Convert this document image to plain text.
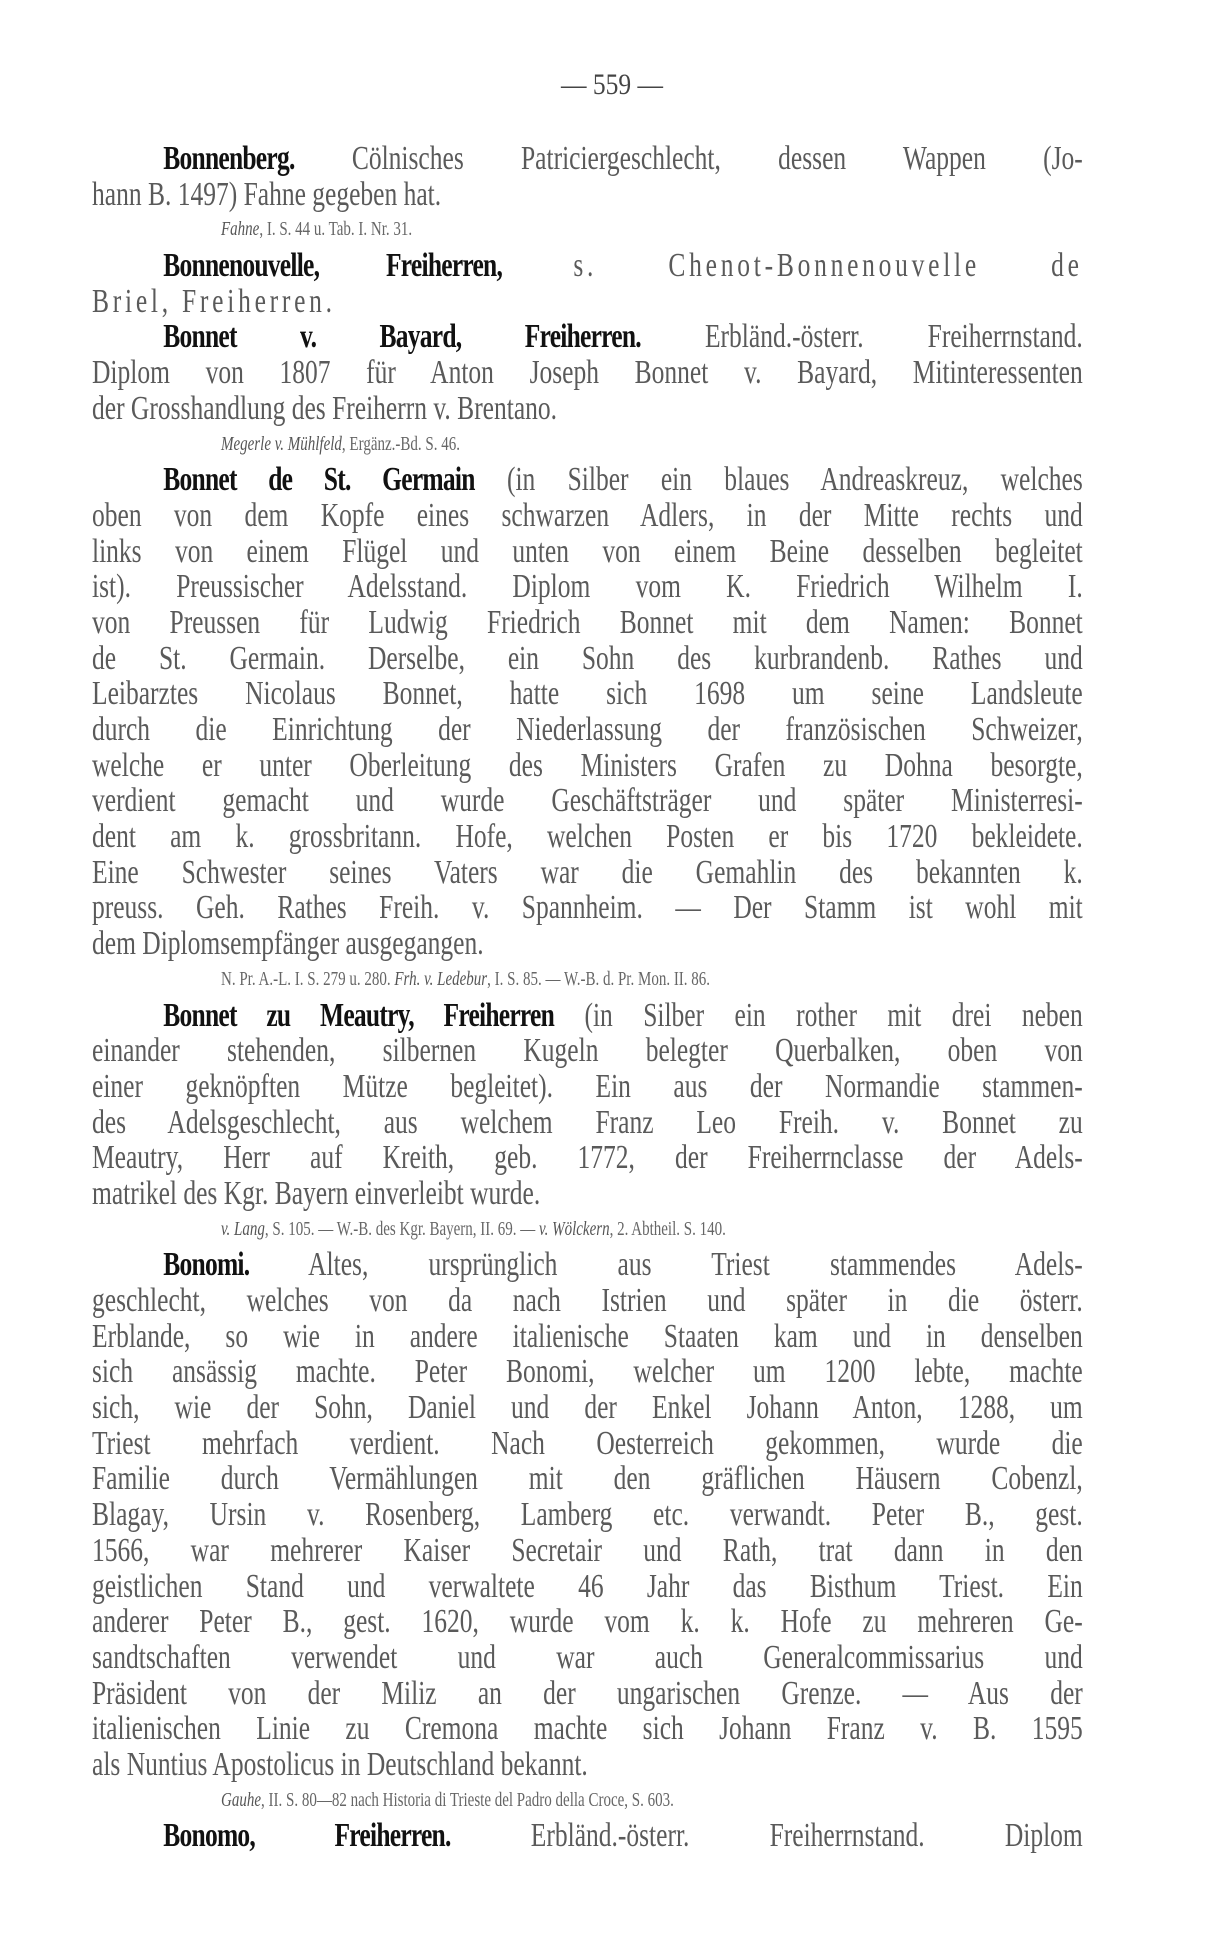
— 559 —
Bonnenberg. Cölnisches Patriciergeschlecht, dessen Wappen (Jo-
hann B. 1497) Fahne gegeben hat.
Fahne, I. S. 44 u. Tab. I. Nr. 31.
Bonnenouvelle, Freiherren, s. Chenot-Bonnenouvelle de
Briel, Freiherren.
Bonnet v. Bayard, Freiherren. Erbländ.-österr. Freiherrnstand.
Diplom von 1807 für Anton Joseph Bonnet v. Bayard, Mitinteressenten
der Grosshandlung des Freiherrn v. Brentano.
Megerle v. Mühlfeld, Ergänz.-Bd. S. 46.
Bonnet de St. Germain (in Silber ein blaues Andreaskreuz, welches
oben von dem Kopfe eines schwarzen Adlers, in der Mitte rechts und
links von einem Flügel und unten von einem Beine desselben begleitet
ist). Preussischer Adelsstand. Diplom vom K. Friedrich Wilhelm I.
von Preussen für Ludwig Friedrich Bonnet mit dem Namen: Bonnet
de St. Germain. Derselbe, ein Sohn des kurbrandenb. Rathes und
Leibarztes Nicolaus Bonnet, hatte sich 1698 um seine Landsleute
durch die Einrichtung der Niederlassung der französischen Schweizer,
welche er unter Oberleitung des Ministers Grafen zu Dohna besorgte,
verdient gemacht und wurde Geschäftsträger und später Ministerresi-
dent am k. grossbritann. Hofe, welchen Posten er bis 1720 bekleidete.
Eine Schwester seines Vaters war die Gemahlin des bekannten k.
preuss. Geh. Rathes Freih. v. Spannheim. — Der Stamm ist wohl mit
dem Diplomsempfänger ausgegangen.
N. Pr. A.-L. I. S. 279 u. 280. Frh. v. Ledebur, I. S. 85. — W.-B. d. Pr. Mon. II. 86.
Bonnet zu Meautry, Freiherren (in Silber ein rother mit drei neben
einander stehenden, silbernen Kugeln belegter Querbalken, oben von
einer geknöpften Mütze begleitet). Ein aus der Normandie stammen-
des Adelsgeschlecht, aus welchem Franz Leo Freih. v. Bonnet zu
Meautry, Herr auf Kreith, geb. 1772, der Freiherrnclasse der Adels-
matrikel des Kgr. Bayern einverleibt wurde.
v. Lang, S. 105. — W.-B. des Kgr. Bayern, II. 69. — v. Wölckern, 2. Abtheil. S. 140.
Bonomi. Altes, ursprünglich aus Triest stammendes Adels-
geschlecht, welches von da nach Istrien und später in die österr.
Erblande, so wie in andere italienische Staaten kam und in denselben
sich ansässig machte. Peter Bonomi, welcher um 1200 lebte, machte
sich, wie der Sohn, Daniel und der Enkel Johann Anton, 1288, um
Triest mehrfach verdient. Nach Oesterreich gekommen, wurde die
Familie durch Vermählungen mit den gräflichen Häusern Cobenzl,
Blagay, Ursin v. Rosenberg, Lamberg etc. verwandt. Peter B., gest.
1566, war mehrerer Kaiser Secretair und Rath, trat dann in den
geistlichen Stand und verwaltete 46 Jahr das Bisthum Triest. Ein
anderer Peter B., gest. 1620, wurde vom k. k. Hofe zu mehreren Ge-
sandtschaften verwendet und war auch Generalcommissarius und
Präsident von der Miliz an der ungarischen Grenze. — Aus der
italienischen Linie zu Cremona machte sich Johann Franz v. B. 1595
als Nuntius Apostolicus in Deutschland bekannt.
Gauhe, II. S. 80—82 nach Historia di Trieste del Padro della Croce, S. 603.
Bonomo, Freiherren. Erbländ.-österr. Freiherrnstand. Diplom
